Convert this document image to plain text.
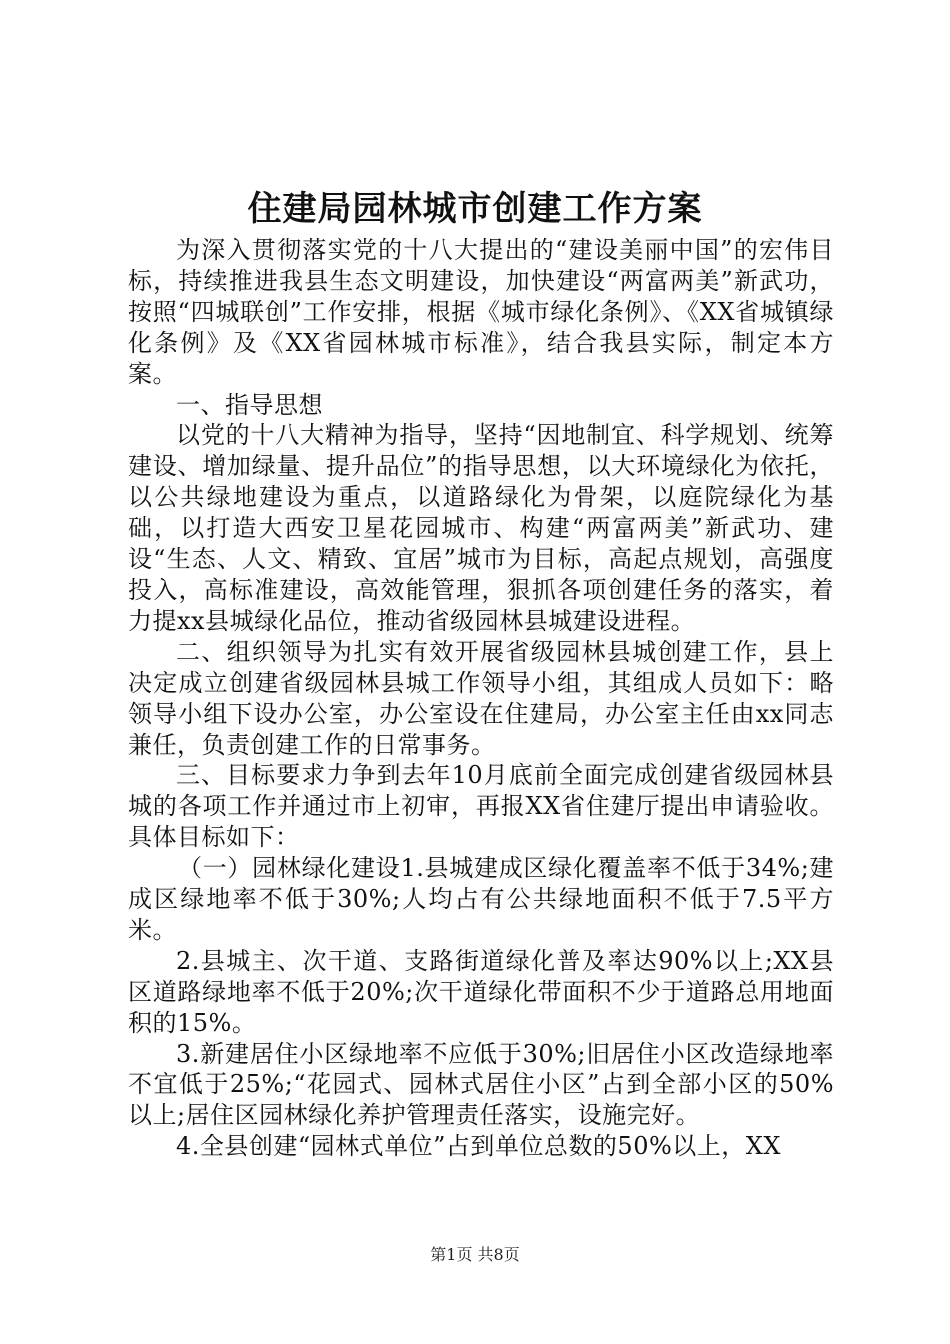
住建局园林城市创建工作方案

为深入贯彻落实党的十八大提出的“建设美丽中国”的宏伟目标，持续推进我县生态文明建设，加快建设“两富两美”新武功，按照“四城联创”工作安排，根据《城市绿化条例》、《XX省城镇绿化条例》及《XX省园林城市标准》，结合我县实际，制定本方案。

一、指导思想

以党的十八大精神为指导，坚持“因地制宜、科学规划、统筹建设、增加绿量、提升品位”的指导思想，以大环境绿化为依托，以公共绿地建设为重点，以道路绿化为骨架，以庭院绿化为基础，以打造大西安卫星花园城市、构建“两富两美”新武功、建设“生态、人文、精致、宜居”城市为目标，高起点规划，高强度投入，高标准建设，高效能管理，狠抓各项创建任务的落实，着力提xx县城绿化品位，推动省级园林县城建设进程。

二、组织领导为扎实有效开展省级园林县城创建工作，县上决定成立创建省级园林县城工作领导小组，其组成人员如下：略领导小组下设办公室，办公室设在住建局，办公室主任由xx同志兼任，负责创建工作的日常事务。

三、目标要求力争到去年10月底前全面完成创建省级园林县城的各项工作并通过市上初审，再报XX省住建厅提出申请验收。具体目标如下：

（一）园林绿化建设1.县城建成区绿化覆盖率不低于34%;建成区绿地率不低于30%;人均占有公共绿地面积不低于7.5平方米。

2.县城主、次干道、支路街道绿化普及率达90%以上;XX县区道路绿地率不低于20%;次干道绿化带面积不少于道路总用地面积的15%。

3.新建居住小区绿地率不应低于30%;旧居住小区改造绿地率不宜低于25%;“花园式、园林式居住小区”占到全部小区的50%以上;居住区园林绿化养护管理责任落实，设施完好。

4.全县创建“园林式单位”占到单位总数的50%以上，XX

第1页 共8页
